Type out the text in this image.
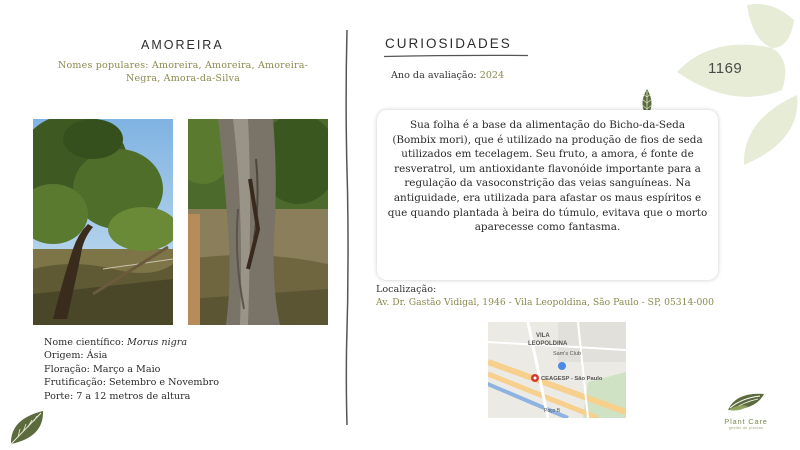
AMOREIRA
Nomes populares: Amoreira, Amoreira, Amoreira-Negra, Amora-da-Silva
Nome científico: Morus nigra
Origem: Ásia
Floração: Março a Maio
Frutificação: Setembro e Novembro
Porte: 7 a 12 metros de altura
CURIOSIDADES
Ano da avaliação: 2024
Sua folha é a base da alimentação do Bicho-da-Seda (Bombix mori), que é utilizado na produção de fios de seda utilizados em tecelagem. Seu fruto, a amora, é fonte de resveratrol, um antioxidante flavonóide importante para a regulação da vasoconstrição das veias sanguíneas. Na antiguidade, era utilizada para afastar os maus espíritos e que quando plantada à beira do túmulo, evitava que o morto aparecesse como fantasma.
Localização:
Av. Dr. Gastão Vidigal, 1946 - Vila Leopoldina, São Paulo - SP, 05314-000
VILA
LEOPOLDINA
Sam's Club
CEAGESP - São Paulo
Poço B
1169
Plant Care
gestão de plantas
